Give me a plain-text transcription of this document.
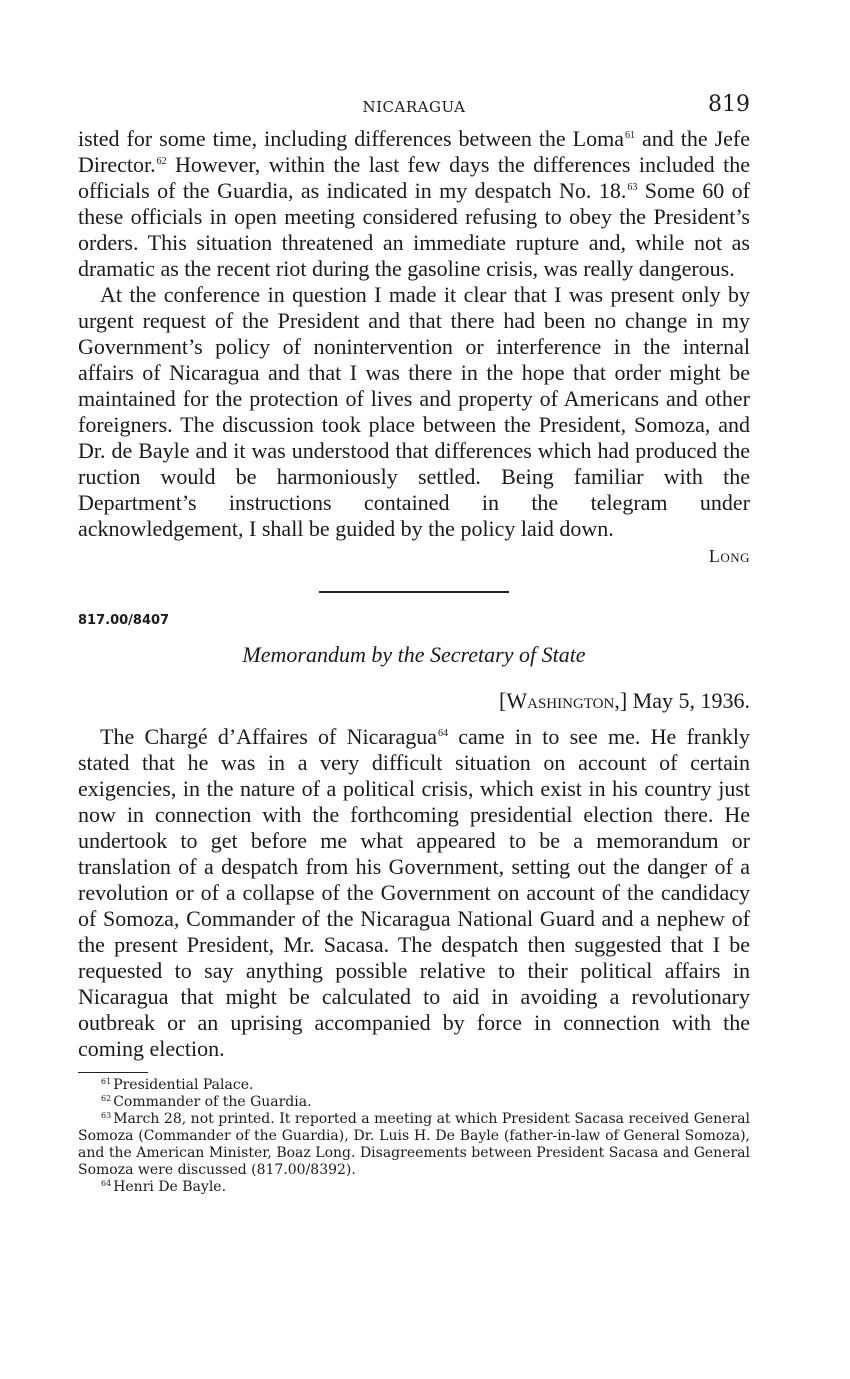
NICARAGUA	819

isted for some time, including differences between the Loma$^{61}$ and the Jefe Director.$^{62}$ However, within the last few days the differences included the officials of the Guardia, as indicated in my despatch No. 18.63 Some 60 of these officials in open meeting considered refusing to obey the President’s orders. This situation threatened an immediate rupture and, while not as dramatic as the recent riot during the gasoline crisis, was really dangerous.

At the conference in question I made it clear that I was present only by urgent request of the President and that there had been no change in my Government’s policy of nonintervention or interference in the internal affairs of Nicaragua and that I was there in the hope that order might be maintained for the protection of lives and property of Americans and other foreigners. The discussion took place between the President, Somoza, and Dr. de Bayle and it was understood that differences which had produced the ruction would be harmoniously settled. Being familiar with the Department’s instructions contained in the telegram under acknowledgement, I shall be guided by the policy laid down.

Long
817.00/8407
Memorandum by the Secretary of State
[Washington,] May 5, 1936.

The Chargé d’Affaires of Nicaragua$^{64}$ came in to see me. He frankly stated that he was in a very difficult situation on account of certain exigencies, in the nature of a political crisis, which exist in his country just now in connection with the forthcoming presidential election there. He undertook to get before me what appeared to be a memorandum or translation of a despatch from his Government, setting out the danger of a revolution or of a collapse of the Government on account of the candidacy of Somoza, Commander of the Nicaragua National Guard and a nephew of the present President, Mr. Sacasa. The despatch then suggested that I be requested to say anything possible relative to their political affairs in Nicaragua that might be calculated to aid in avoiding a revolutionary outbreak or an uprising accompanied by force in connection with the coming election.

$^{61}$ Presidential Palace.

$^{62}$ Commander of the Guardia.

$^{63}$ March 28, not printed. It reported a meeting at which President Sacasa received General Somoza (Commander of the Guardia), Dr. Luis H. De Bayle (father-in-law of General Somoza), and the American Minister, Boaz Long. Disagreements between President Sacasa and General Somoza were discussed (817.00/8392).

$^{64}$ Henri De Bayle.
